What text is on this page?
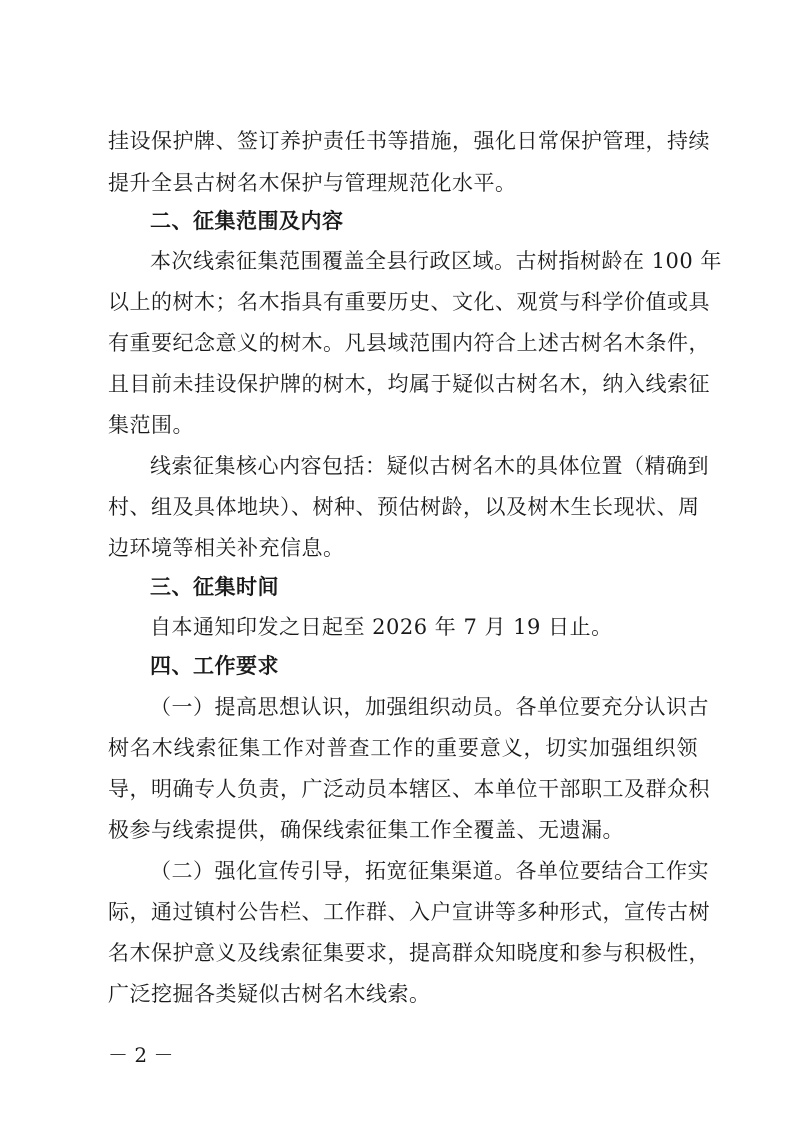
挂设保护牌、签订养护责任书等措施，强化日常保护管理，持续
提升全县古树名木保护与管理规范化水平。
二、征集范围及内容
本次线索征集范围覆盖全县行政区域。古树指树龄在 100 年
以上的树木；名木指具有重要历史、文化、观赏与科学价值或具
有重要纪念意义的树木。凡县域范围内符合上述古树名木条件，
且目前未挂设保护牌的树木，均属于疑似古树名木，纳入线索征
集范围。
线索征集核心内容包括：疑似古树名木的具体位置（精确到
村、组及具体地块）、树种、预估树龄，以及树木生长现状、周
边环境等相关补充信息。
三、征集时间
自本通知印发之日起至 2026 年 7 月 19 日止。
四、工作要求
（一）提高思想认识，加强组织动员。各单位要充分认识古
树名木线索征集工作对普查工作的重要意义，切实加强组织领
导，明确专人负责，广泛动员本辖区、本单位干部职工及群众积
极参与线索提供，确保线索征集工作全覆盖、无遗漏。
（二）强化宣传引导，拓宽征集渠道。各单位要结合工作实
际，通过镇村公告栏、工作群、入户宣讲等多种形式，宣传古树
名木保护意义及线索征集要求，提高群众知晓度和参与积极性，
广泛挖掘各类疑似古树名木线索。
－ 2 －
